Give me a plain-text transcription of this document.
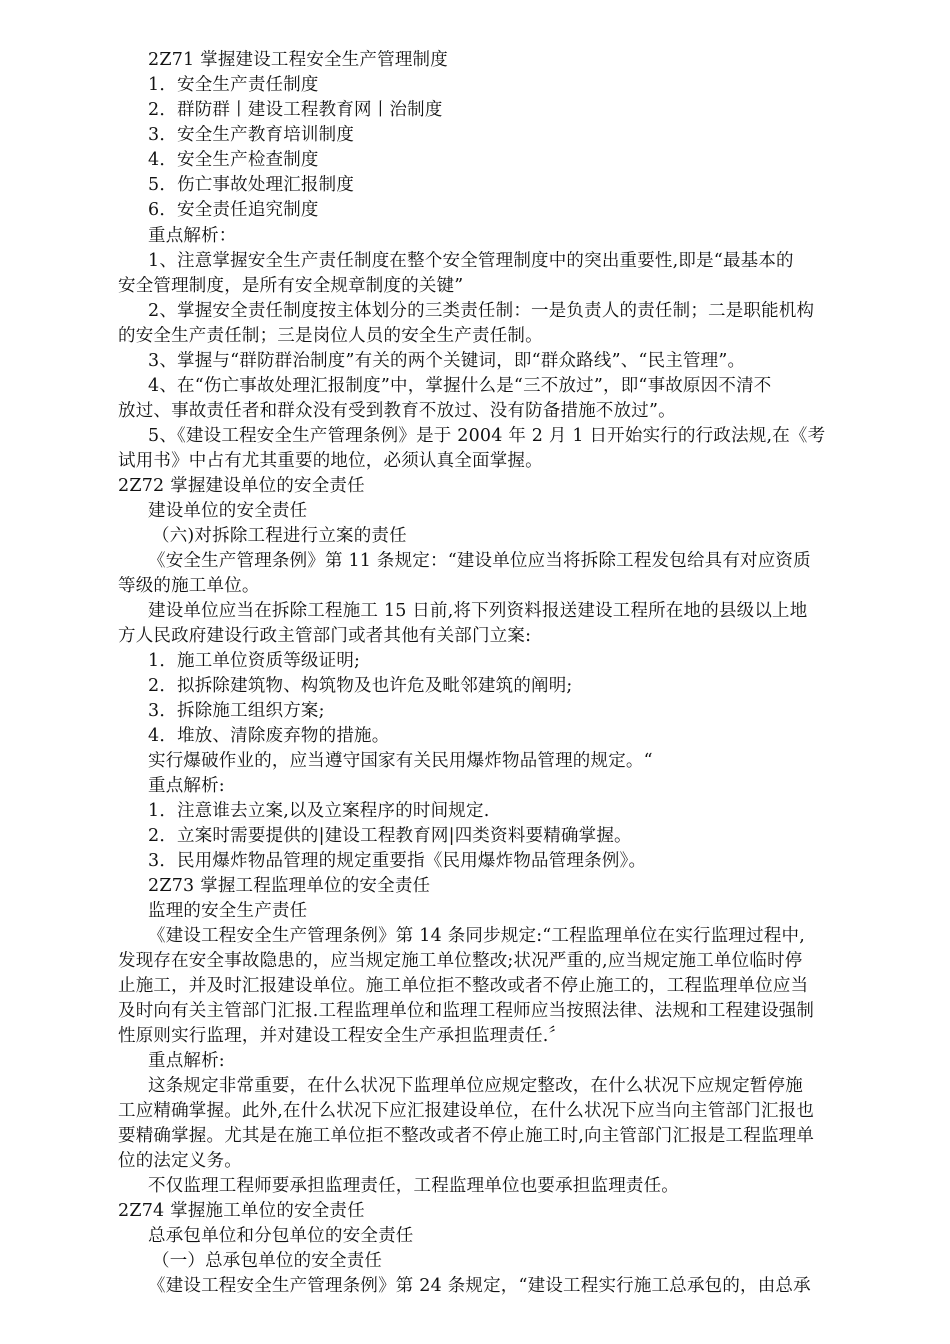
2Z71 掌握建设工程安全生产管理制度
1．安全生产责任制度
2．群防群丨建设工程教育网丨治制度
3．安全生产教育培训制度
4．安全生产检查制度
5．伤亡事故处理汇报制度
6．安全责任追究制度
重点解析：
1、注意掌握安全生产责任制度在整个安全管理制度中的突出重要性,即是“最基本的
安全管理制度，是所有安全规章制度的关键”
2、掌握安全责任制度按主体划分的三类责任制：一是负责人的责任制；二是职能机构
的安全生产责任制；三是岗位人员的安全生产责任制。
3、掌握与“群防群治制度”有关的两个关键词，即“群众路线”、“民主管理”。
4、在“伤亡事故处理汇报制度”中，掌握什么是“三不放过”，即“事故原因不清不
放过、事故责任者和群众没有受到教育不放过、没有防备措施不放过”。
5、《建设工程安全生产管理条例》是于 2004 年 2 月 1 日开始实行的行政法规,在《考
试用书》中占有尤其重要的地位，必须认真全面掌握。
2Z72 掌握建设单位的安全责任
建设单位的安全责任
（六)对拆除工程进行立案的责任
《安全生产管理条例》第 11 条规定：“建设单位应当将拆除工程发包给具有对应资质
等级的施工单位。
建设单位应当在拆除工程施工 15 日前,将下列资料报送建设工程所在地的县级以上地
方人民政府建设行政主管部门或者其他有关部门立案:
1．施工单位资质等级证明;
2．拟拆除建筑物、构筑物及也许危及毗邻建筑的阐明;
3．拆除施工组织方案;
4．堆放、清除废弃物的措施。
实行爆破作业的，应当遵守国家有关民用爆炸物品管理的规定。“
重点解析:
1．注意谁去立案,以及立案程序的时间规定.
2．立案时需要提供的|建设工程教育网|四类资料要精确掌握。
3．民用爆炸物品管理的规定重要指《民用爆炸物品管理条例》。
2Z73 掌握工程监理单位的安全责任
监理的安全生产责任
《建设工程安全生产管理条例》第 14 条同步规定:“工程监理单位在实行监理过程中,
发现存在安全事故隐患的，应当规定施工单位整改;状况严重的,应当规定施工单位临时停
止施工，并及时汇报建设单位。施工单位拒不整改或者不停止施工的，工程监理单位应当
及时向有关主管部门汇报.工程监理单位和监理工程师应当按照法律、法规和工程建设强制
性原则实行监理，并对建设工程安全生产承担监理责任.〞
重点解析:
这条规定非常重要，在什么状况下监理单位应规定整改，在什么状况下应规定暂停施
工应精确掌握。此外,在什么状况下应汇报建设单位，在什么状况下应当向主管部门汇报也
要精确掌握。尤其是在施工单位拒不整改或者不停止施工时,向主管部门汇报是工程监理单
位的法定义务。
不仅监理工程师要承担监理责任，工程监理单位也要承担监理责任。
2Z74 掌握施工单位的安全责任
总承包单位和分包单位的安全责任
（一）总承包单位的安全责任
《建设工程安全生产管理条例》第 24 条规定，“建设工程实行施工总承包的，由总承
